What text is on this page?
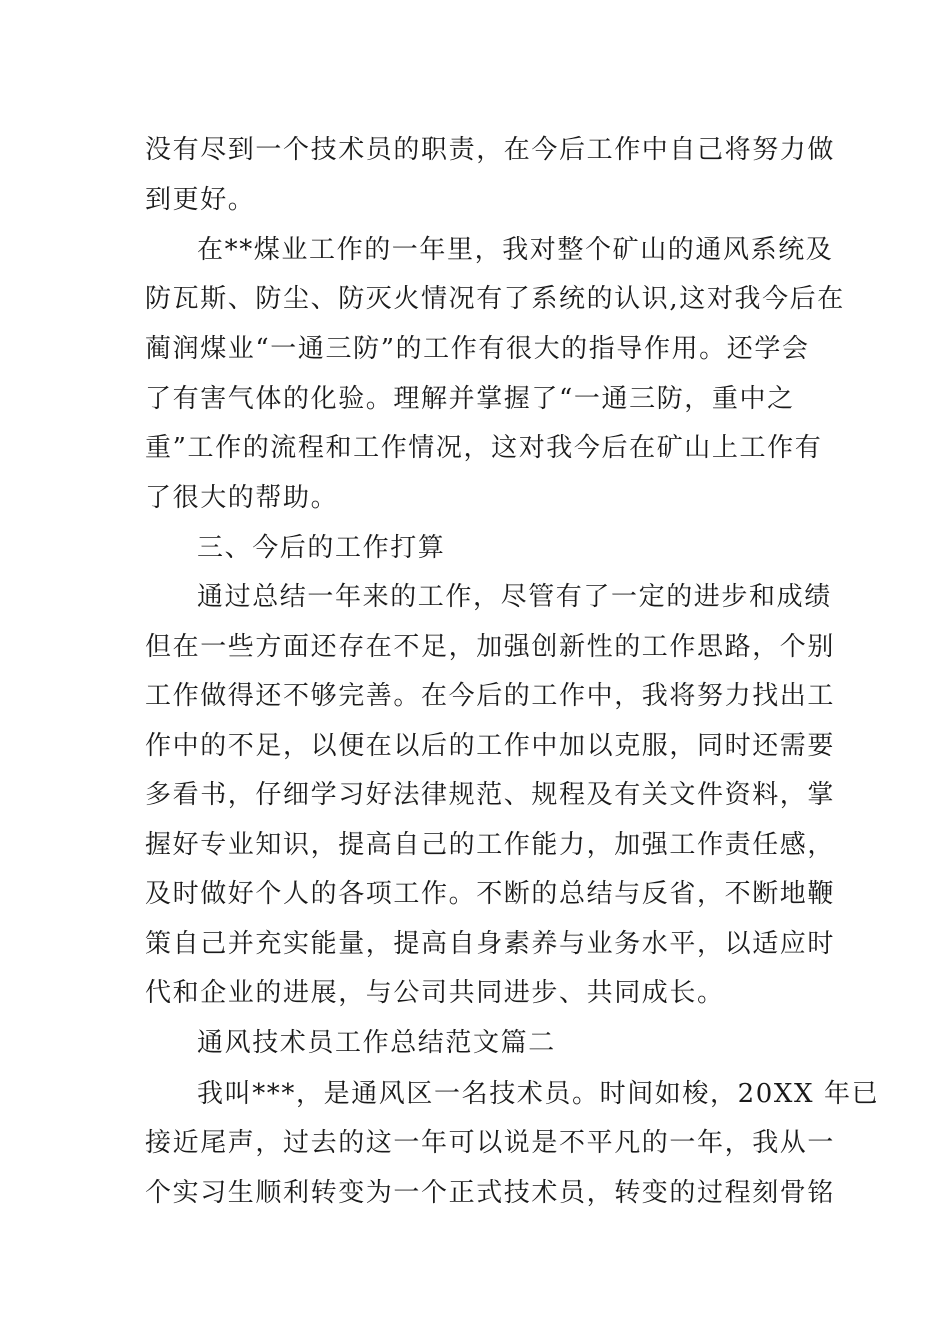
没有尽到一个技术员的职责，在今后工作中自己将努力做
到更好。
在**煤业工作的一年里，我对整个矿山的通风系统及
防瓦斯、防尘、防灭火情况有了系统的认识,这对我今后在
蔺润煤业“一通三防”的工作有很大的指导作用。还学会
了有害气体的化验。理解并掌握了“一通三防，重中之
重”工作的流程和工作情况，这对我今后在矿山上工作有
了很大的帮助。
三、今后的工作打算
通过总结一年来的工作，尽管有了一定的进步和成绩
但在一些方面还存在不足，加强创新性的工作思路，个别
工作做得还不够完善。在今后的工作中，我将努力找出工
作中的不足，以便在以后的工作中加以克服，同时还需要
多看书，仔细学习好法律规范、规程及有关文件资料，掌
握好专业知识，提高自己的工作能力，加强工作责任感，
及时做好个人的各项工作。不断的总结与反省，不断地鞭
策自己并充实能量，提高自身素养与业务水平，以适应时
代和企业的进展，与公司共同进步、共同成长。
通风技术员工作总结范文篇二
我叫***，是通风区一名技术员。时间如梭，20XX 年已
接近尾声，过去的这一年可以说是不平凡的一年，我从一
个实习生顺利转变为一个正式技术员，转变的过程刻骨铭
